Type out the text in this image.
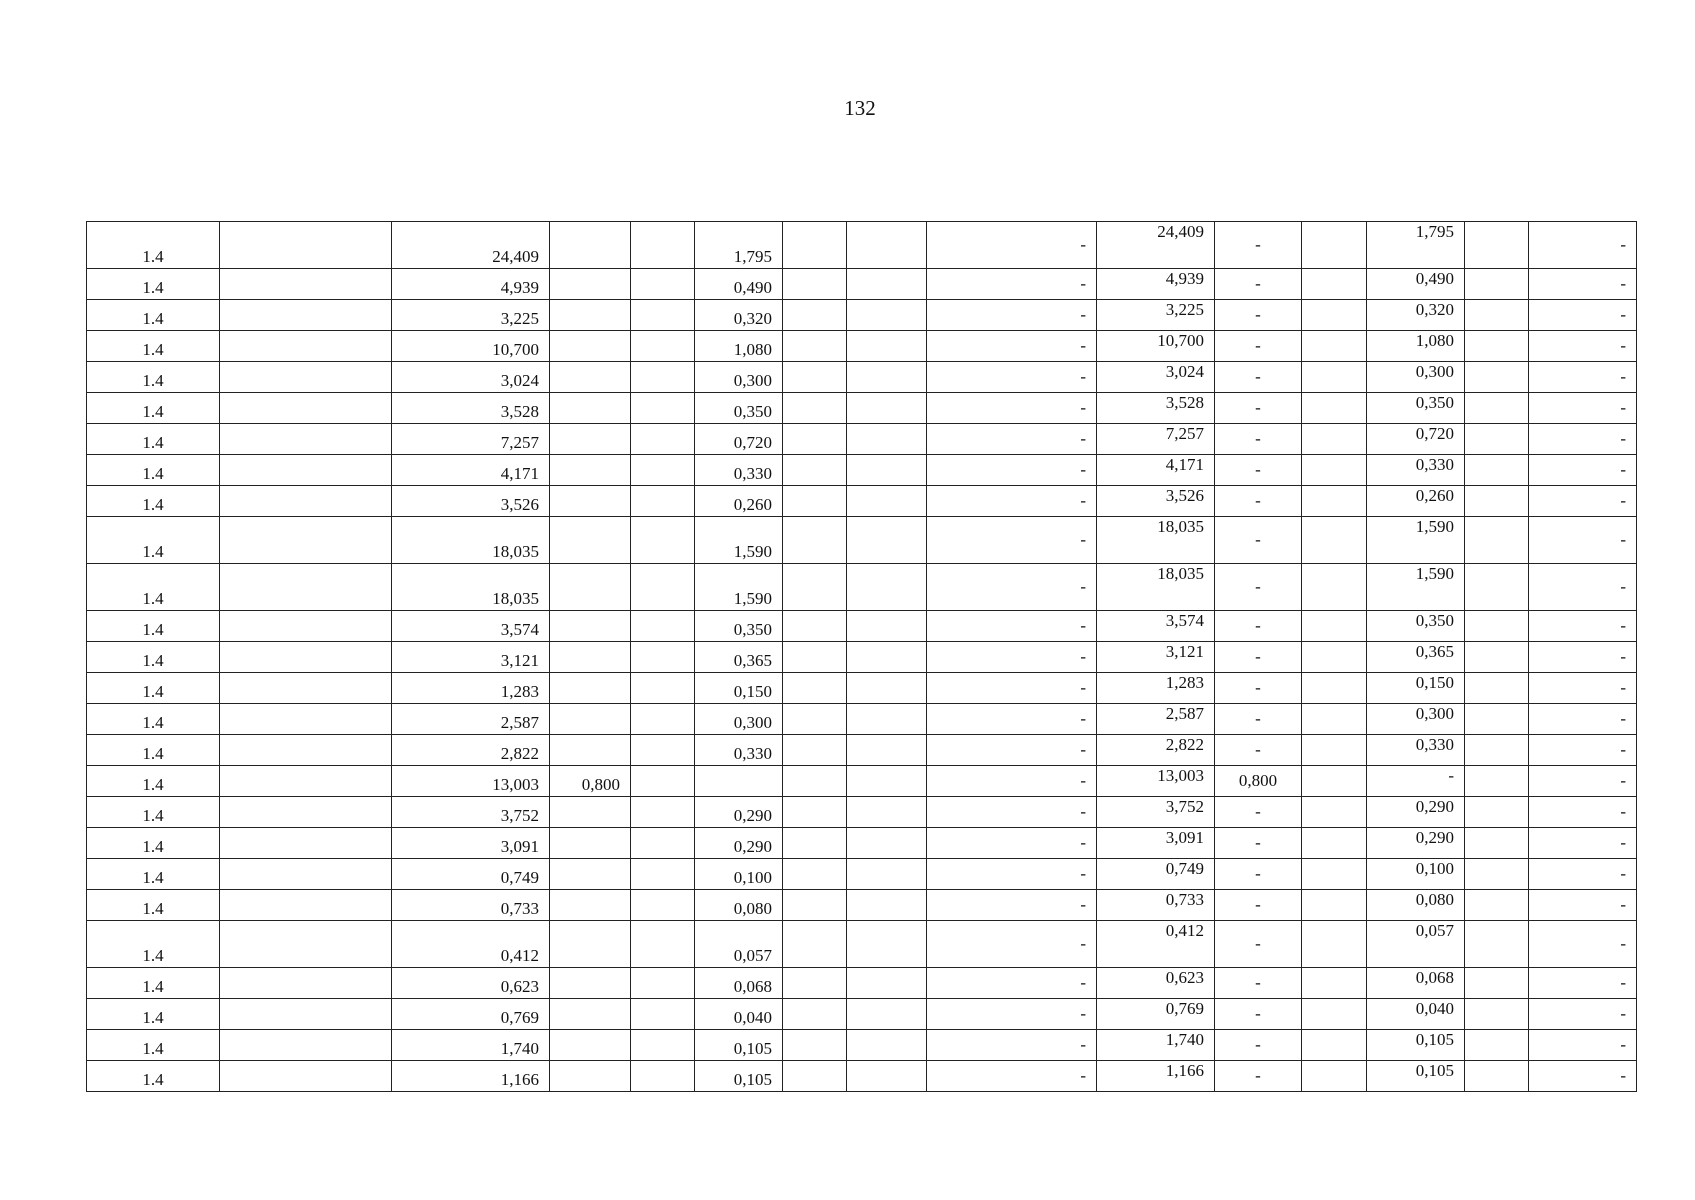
132
1.4		24,409			1,795			-	24,409	-		1,795		-
1.4		4,939			0,490			-	4,939	-		0,490		-
1.4		3,225			0,320			-	3,225	-		0,320		-
1.4		10,700			1,080			-	10,700	-		1,080		-
1.4		3,024			0,300			-	3,024	-		0,300		-
1.4		3,528			0,350			-	3,528	-		0,350		-
1.4		7,257			0,720			-	7,257	-		0,720		-
1.4		4,171			0,330			-	4,171	-		0,330		-
1.4		3,526			0,260			-	3,526	-		0,260		-
1.4		18,035			1,590			-	18,035	-		1,590		-
1.4		18,035			1,590			-	18,035	-		1,590		-
1.4		3,574			0,350			-	3,574	-		0,350		-
1.4		3,121			0,365			-	3,121	-		0,365		-
1.4		1,283			0,150			-	1,283	-		0,150		-
1.4		2,587			0,300			-	2,587	-		0,300		-
1.4		2,822			0,330			-	2,822	-		0,330		-
1.4		13,003	0,800					-	13,003	0,800		-		-
1.4		3,752			0,290			-	3,752	-		0,290		-
1.4		3,091			0,290			-	3,091	-		0,290		-
1.4		0,749			0,100			-	0,749	-		0,100		-
1.4		0,733			0,080			-	0,733	-		0,080		-
1.4		0,412			0,057			-	0,412	-		0,057		-
1.4		0,623			0,068			-	0,623	-		0,068		-
1.4		0,769			0,040			-	0,769	-		0,040		-
1.4		1,740			0,105			-	1,740	-		0,105		-
1.4		1,166			0,105			-	1,166	-		0,105		-
